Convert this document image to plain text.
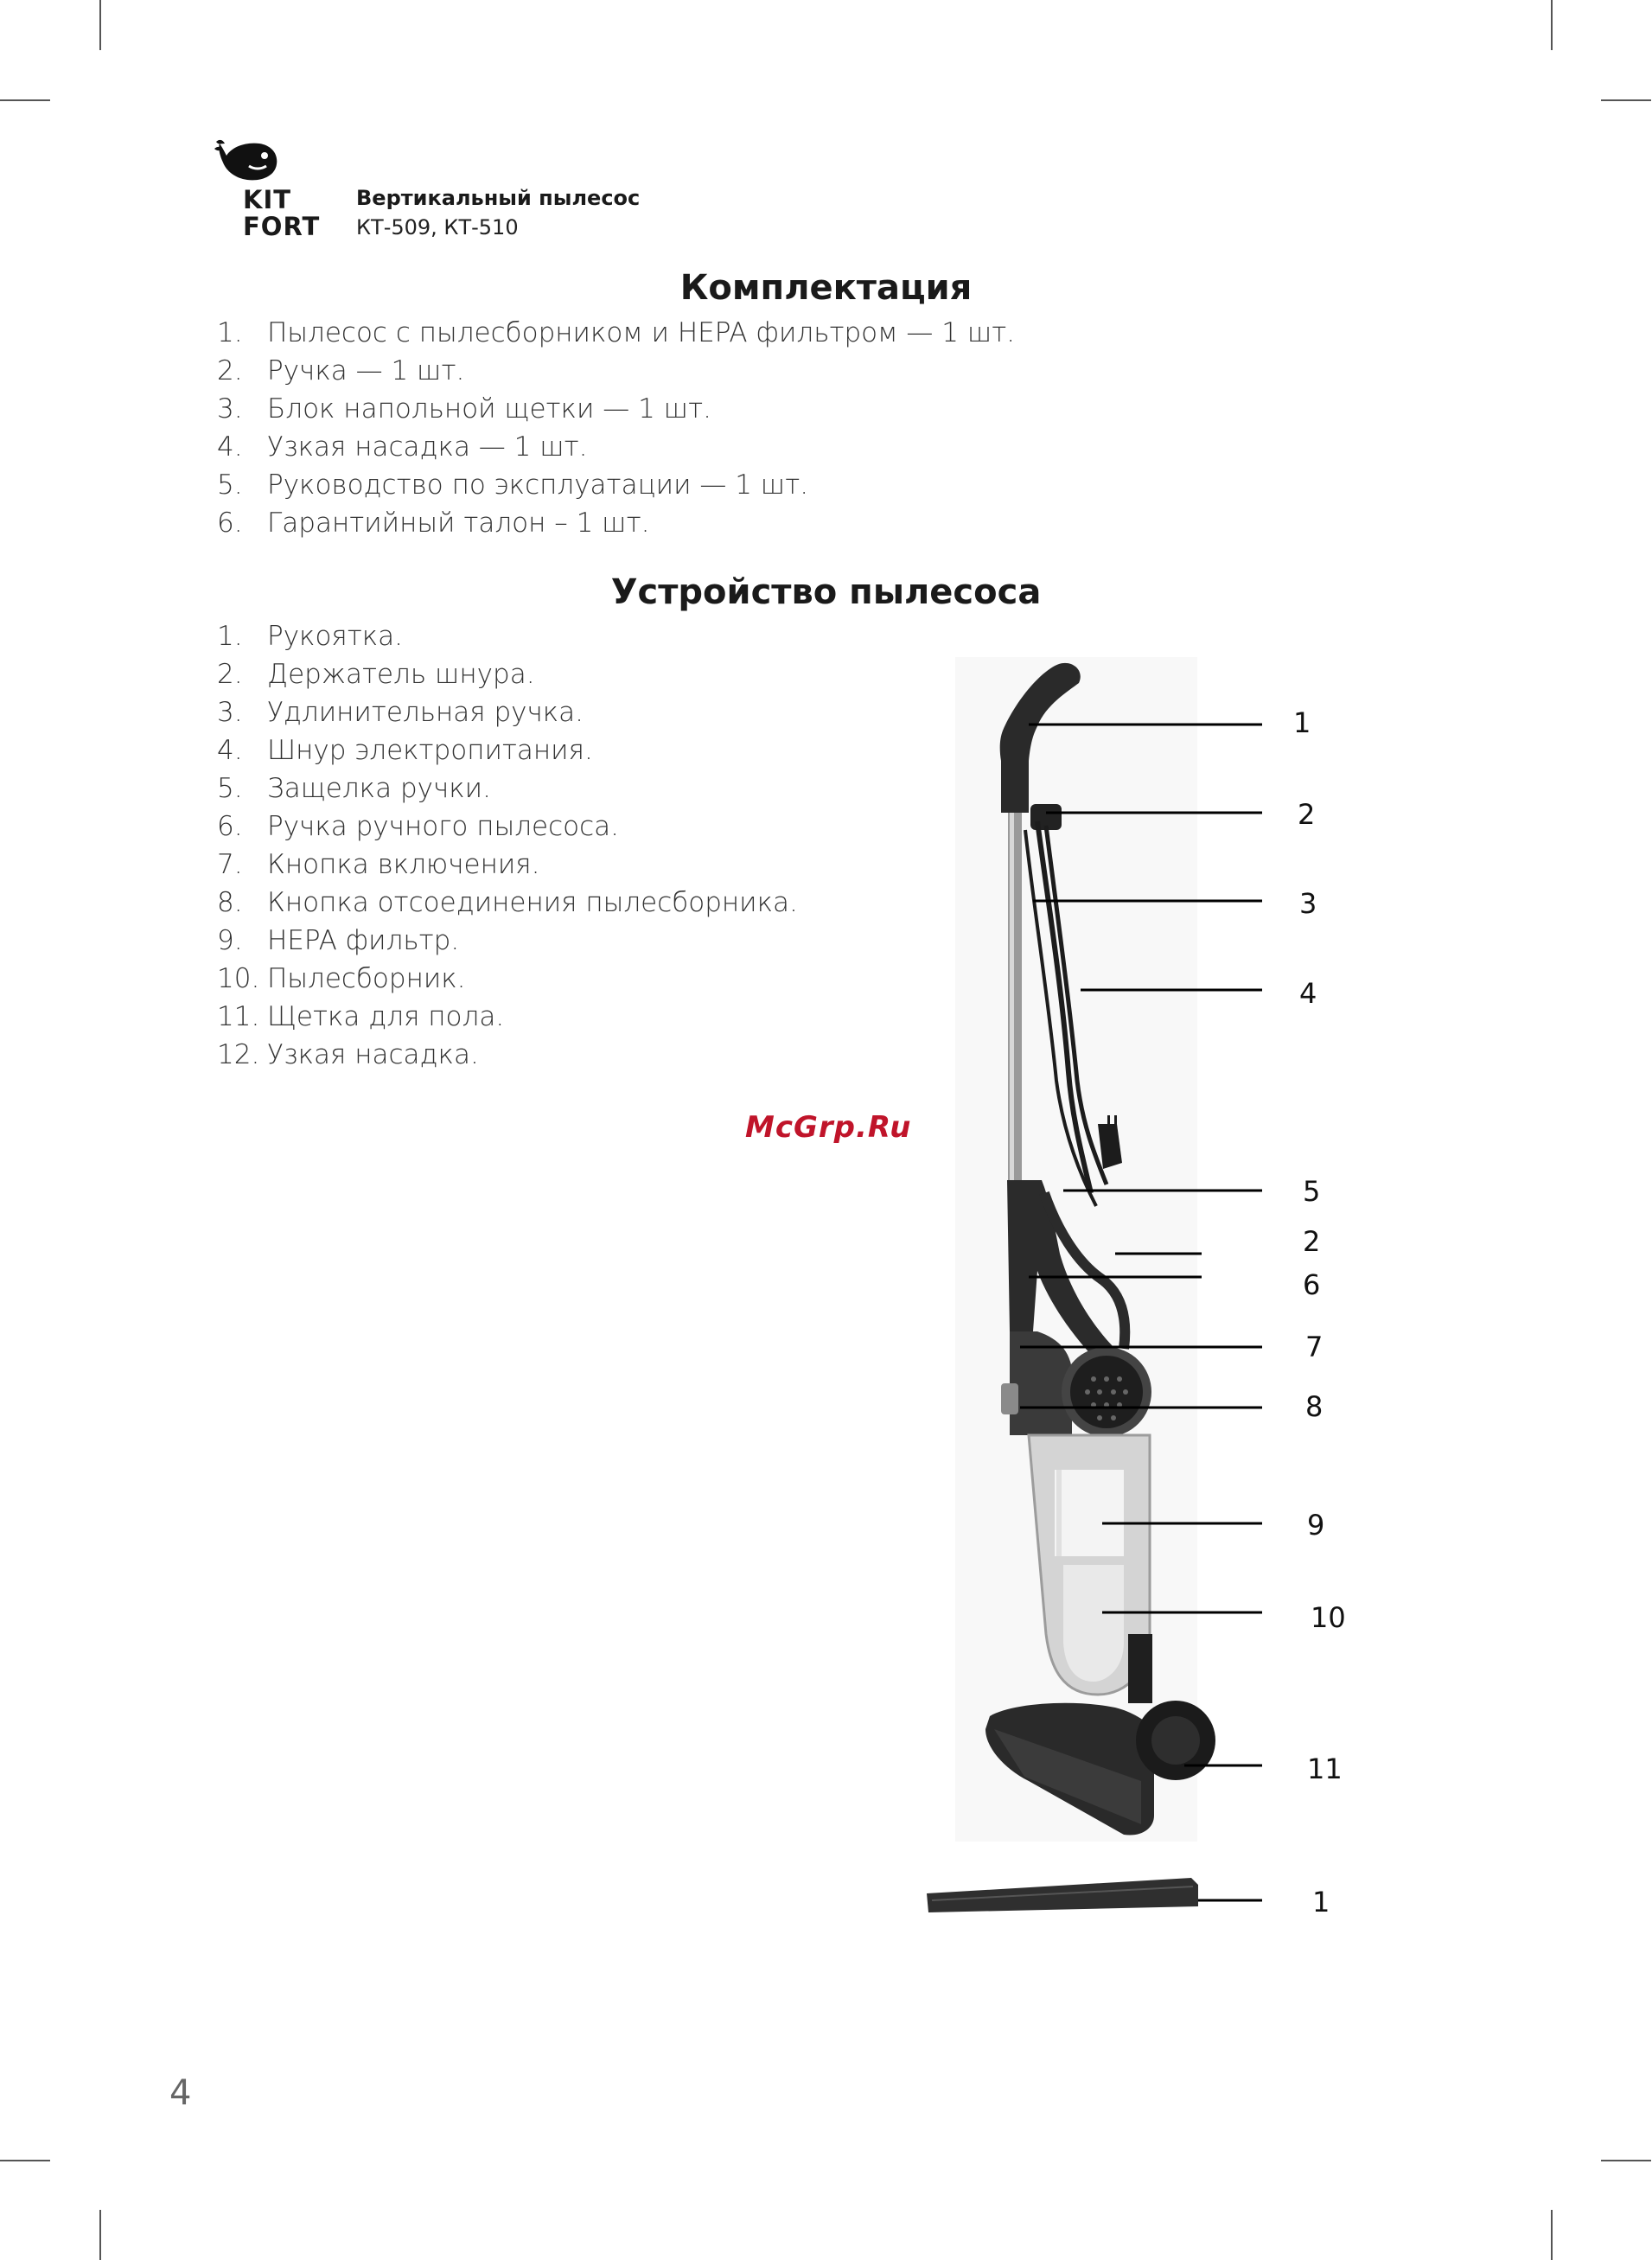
KIT
FORT
Вертикальный пылесос
КТ-509, КТ-510
Комплектация
1. Пылесос с пылесборником и HEPA фильтром — 1 шт.
2. Ручка — 1 шт.
3. Блок напольной щетки — 1 шт.
4. Узкая насадка — 1 шт.
5. Руководство по эксплуатации — 1 шт.
6. Гарантийный талон – 1 шт.
Устройство пылесоса
1. Рукоятка.
2. Держатель шнура.
3. Удлинительная ручка.
4. Шнур электропитания.
5. Защелка ручки.
6. Ручка ручного пылесоса.
7. Кнопка включения.
8. Кнопка отсоединения пылесборника.
9. HEPA фильтр.
10. Пылесборник.
11. Щетка для пола.
12. Узкая насадка.
McGrp.Ru
1
2
3
4
5
2
6
7
8
9
10
11
1
4
